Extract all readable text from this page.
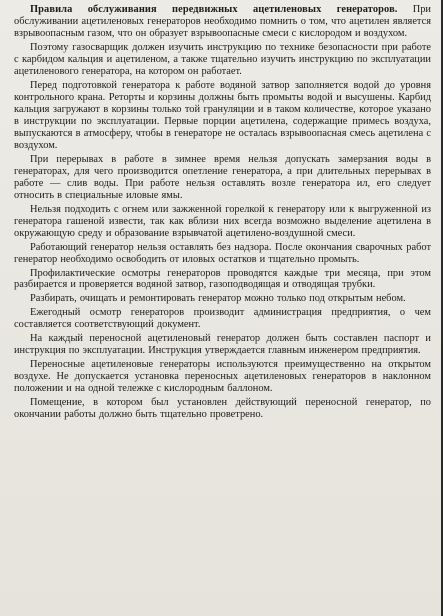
Правила обслуживания передвижных ацетиленовых генераторов. При обслуживании ацетиленовых генераторов необходимо помнить о том, что ацетилен является взрывоопасным газом, что он образует взрывоопасные смеси с кислородом и воздухом.

Поэтому газосварщик должен изучить инструкцию по технике безопасности при работе с карбидом кальция и ацетиленом, а также тщательно изучить инструкцию по эксплуатации ацетиленового генератора, на котором он работает.

Перед подготовкой генератора к работе водяной затвор заполняется водой до уровня контрольного крана. Реторты и корзины должны быть промыты водой и высушены. Карбид кальция загружают в корзины только той грануляции и в таком количестве, которое указано в инструкции по эксплуатации. Первые порции ацетилена, содержащие примесь воздуха, выпускаются в атмосферу, чтобы в генераторе не осталась взрывоопасная смесь ацетилена с воздухом.

При перерывах в работе в зимнее время нельзя допускать замерзания воды в генераторах, для чего производится опетление генератора, а при длительных перерывах в работе — слив воды. При работе нельзя оставлять возле генератора ил, его следует относить в специальные иловые ямы.

Нельзя подходить с огнем или зажженной горелкой к генератору или к выгруженной из генератора гашеной извести, так как вблизи них всегда возможно выделение ацетилена в окружающую среду и образование взрывчатой ацетилено-воздушной смеси.

Работающий генератор нельзя оставлять без надзора. После окончания сварочных работ генератор необходимо освободить от иловых остатков и тщательно промыть.

Профилактические осмотры генераторов проводятся каждые три месяца, при этом разбирается и проверяется водяной затвор, газоподводящая и отводящая трубки.

Разбирать, очищать и ремонтировать генератор можно только под открытым небом.

Ежегодный осмотр генераторов производит администрация предприятия, о чем составляется соответствующий документ.

На каждый переносной ацетиленовый генератор должен быть составлен паспорт и инструкция по эксплуатации. Инструкция утверждается главным инженером предприятия.

Переносные ацетиленовые генераторы используются преимущественно на открытом воздухе. Не допускается установка переносных ацетиленовых генераторов в наклонном положении и на одной тележке с кислородным баллоном.

Помещение, в котором был установлен действующий переносной генератор, по окончании работы должно быть тщательно проветрено.
